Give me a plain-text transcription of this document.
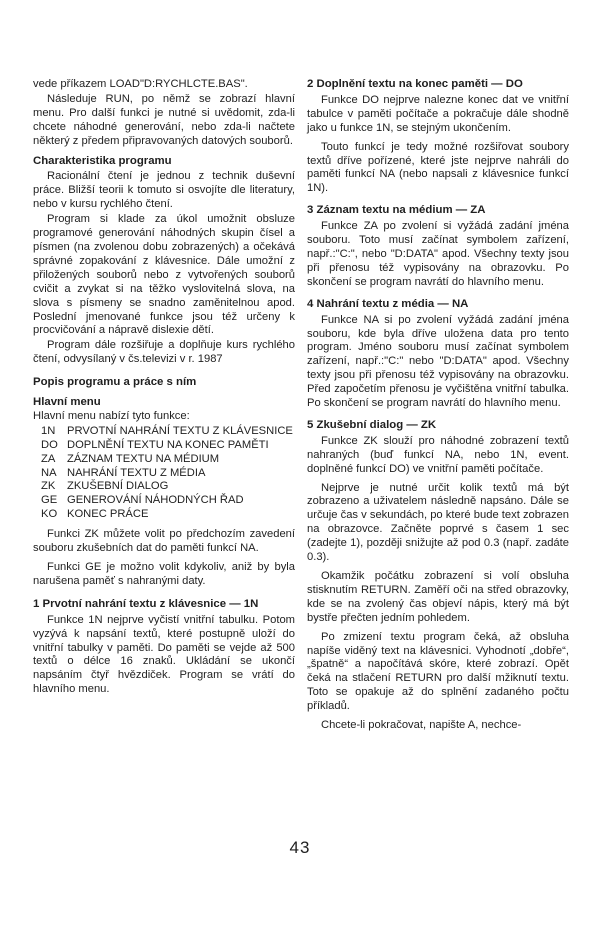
vede příkazem LOAD"D:RYCHLCTE.BAS".

Následuje RUN, po němž se zobrazí hlavní menu. Pro další funkci je nutné si uvědomit, zda-li chcete náhodné generování, nebo zda-li načtete některý z předem připravovaných datových souborů.

Charakteristika programu

Racionální čtení je jednou z technik duševní práce. Bližší teorii k tomuto si osvojíte dle literatury, nebo v kursu rychlého čtení.

Program si klade za úkol umožnit obsluze programové generování náhodných skupin čísel a písmen (na zvolenou dobu zobrazených) a očekává správné zopakování z klávesnice. Dále umožní z přiložených souborů nebo z vytvořených souborů cvičit a zvykat si na těžko vyslovitelná slova, na slova s písmeny se snadno zaměnitelnou apod. Poslední jmenované funkce jsou též určeny k procvičování a nápravě dislexie dětí.

Program dále rozšiřuje a doplňuje kurs rychlého čtení, odvysílaný v čs.televizi v r. 1987

Popis programu a práce s ním
Hlavní menu

Hlavní menu nabízí tyto funkce:

1N	PRVOTNÍ NAHRÁNÍ TEXTU Z KLÁVESNICE
DO DOPLNĚNÍ TEXTU NA KONEC PAMĚTI
ZA	ZÁZNAM TEXTU NA MÉDIUM
NA NAHRÁNÍ TEXTU Z MÉDIA
ZK	ZKUŠEBNÍ DIALOG
GE GENEROVÁNÍ NÁHODNÝCH ŘAD
KO KONEC PRÁCE

Funkci ZK můžete volit po předchozím zavedení souboru zkušebních dat do paměti funkcí NA.

Funkci GE je možno volit kdykoliv, aniž by byla narušena paměť s nahranými daty.

1 Prvotní nahrání textu z klávesnice — 1N

Funkce 1N nejprve vyčistí vnitřní tabulku. Potom vyzývá k napsání textů, které postupně uloží do vnitřní tabulky v paměti. Do paměti se vejde až 500 textů o délce 16 znaků. Ukládání se ukončí napsáním čtyř hvězdiček. Program se vrátí do hlavního menu.

2 Doplnění textu na konec paměti — DO

Funkce DO nejprve nalezne konec dat ve vnitřní tabulce v paměti počítače a pokračuje dále shodně jako u funkce 1N, se stejným ukončením.

Touto funkcí je tedy možné rozšiřovat soubory textů dříve pořízené, které jste nejprve nahráli do paměti funkcí NA (nebo napsali z klávesnice funkcí 1N).

3 Záznam textu na médium — ZA

Funkce ZA po zvolení si vyžádá zadání jména souboru. Toto musí začínat symbolem zařízení, např.:"C:", nebo "D:DATA" apod. Všechny texty jsou při přenosu též vypisovány na obrazovku. Po skončení se program navrátí do hlavního menu.

4 Nahrání textu z média — NA

Funkce NA si po zvolení vyžádá zadání jména souboru, kde byla dříve uložena data pro tento program. Jméno souboru musí začínat symbolem zařízení, např.:"C:" nebo "D:DATA" apod. Všechny texty jsou při přenosu též vypisovány na obrazovku. Před započetím přenosu je vyčištěna vnitřní tabulka. Po skončení se program navrátí do hlavního menu.

5 Zkušební dialog — ZK

Funkce ZK slouží pro náhodné zobrazení textů nahraných (buď funkcí NA, nebo 1N, event. doplněné funkcí DO) ve vnitřní paměti počítače.

Nejprve je nutné určit kolik textů má být zobrazeno a uživatelem následně napsáno. Dále se určuje čas v sekundách, po které bude text zobrazen na obrazovce. Začněte poprvé s časem 1 sec (zadejte 1), později snižujte až pod 0.3 (např. zadáte 0.3).

Okamžik počátku zobrazení si volí obsluha stisknutím RETURN. Zaměří oči na střed obrazovky, kde se na zvolený čas objeví nápis, který má být bystře přečten jedním pohledem.

Po zmizení textu program čeká, až obsluha napíše viděný text na klávesnici. Vyhodnotí „dobře“, „špatně“ a napočítává skóre, které zobrazí. Opět čeká na stlačení RETURN pro další mžiknutí textu. Toto se opakuje až do splnění zadaného počtu příkladů.

Chcete-li pokračovat, napište A, nechce-

43
